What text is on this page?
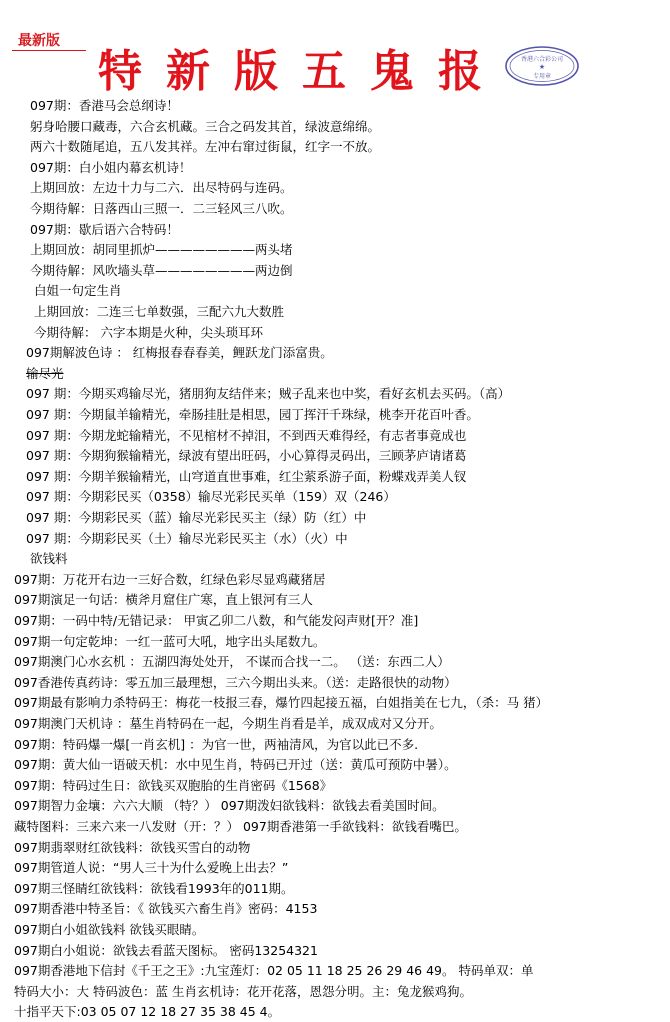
最新版

特新版五鬼报 香港六合彩公司
★
专用章
097期：香港马会总纲诗！
躬身哈腰口藏毒，六合玄机藏。三合之码发其首，绿波意绵绵。
两六十数随尾追，五八发其祥。左冲右窜过街鼠，红字一不放。
097期：白小姐内幕玄机诗！
上期回放：左边十力与二六．出尽特码与连码。
今期待解：日落西山三照一．二三轻风三八吹。
097期：歇后语六合特码！
上期回放：胡同里抓炉————————两头堵
今期待解：风吹墙头草————————两边倒
白姐一句定生肖
上期回放：二连三七单数强，三配六九大数胜
今期待解： 六字本期是火种，尖头琐耳环
097期解波色诗 ： 红梅报春春春美，鲤跃龙门添富贵。
输尽光
097 期：今期买鸡输尽光，猪朋狗友结伴来；贼子乱来也中奖，看好玄机去买码。（高）
097 期：今期鼠羊输精光，牵肠挂肚是相思，园丁挥汗千珠绿，桃李开花百叶香。
097 期：今期龙蛇输精光，不见棺材不掉泪，不到西天难得经，有志者事竟成也
097 期：今期狗猴输精光，绿波有望出旺码，小心算得灵码出，三顾茅庐请诸葛
097 期：今期羊猴输精光，山穹道直世事难，红尘萦系游子面，粉蝶戏弄美人钗
097 期：今期彩民买（0358）输尽光彩民买单（159）双（246）
097 期：今期彩民买（蓝）输尽光彩民买主（绿）防（红）中
097 期：今期彩民买（土）输尽光彩民买主（水）（火）中
欲钱料
097期：万花开右边一三好合数，红绿色彩尽显鸡藏猪居
097期演足一句话：横斧月窟住广寒，直上银河有三人
097期：一码中特/无错记录： 甲寅乙卯二八数，和气能发闷声财[开？准]
097期一句定乾坤：一红一蓝可大吼，地字出头尾数九。
097期澳门心水玄机 ：五湖四海处处开， 不谋而合找一二。 （送：东西二人）
097香港传真药诗：零五加三最理想，三六今期出头来。（送：走路很快的动物）
097期最有影响力杀特码王：梅花一枝报三春，爆竹四起接五福，白姐指美在七九，（杀：马 猪）
097期澳门天机诗 ：墓生肖特码在一起，今期生肖看是羊，成双成对又分开。
097期：特码爆一爆[一肖玄机] ：为官一世，两袖清风，为官以此已不多.
097期：黄大仙一语破天机：水中见生肖，特码已开过（送：黄瓜可预防中暑）。
097期：特码过生日：欲钱买双胞胎的生肖密码《1568》
097期智力金壤：六六大顺 （特？） 097期泼妇欲钱料：欲钱去看美国时间。
藏特图料：三来六来一八发财（开：？） 097期香港第一手欲钱料：欲钱看嘴巴。
097期翡翠财红欲钱料：欲钱买雪白的动物
097期管道人说：“男人三十为什么爱晚上出去？”
097期三怪睛红欲钱料：欲钱看1993年的011期。
097期香港中特圣旨：《 欲钱买六畜生肖》密码：4153
097期白小姐欲钱料 欲钱买眼睛。
097期白小姐说：欲钱去看蓝天图标。 密码13254321
097期香港地下信封《千王之王》:九宝莲灯：02 05 11 18 25 26 29 46 49。 特码单双：单
特码大小：大 特码波色：蓝 生肖玄机诗：花开花落，恩怨分明。主：兔龙猴鸡狗。
十指平天下:03 05 07 12 18 27 35 38 45 4。
